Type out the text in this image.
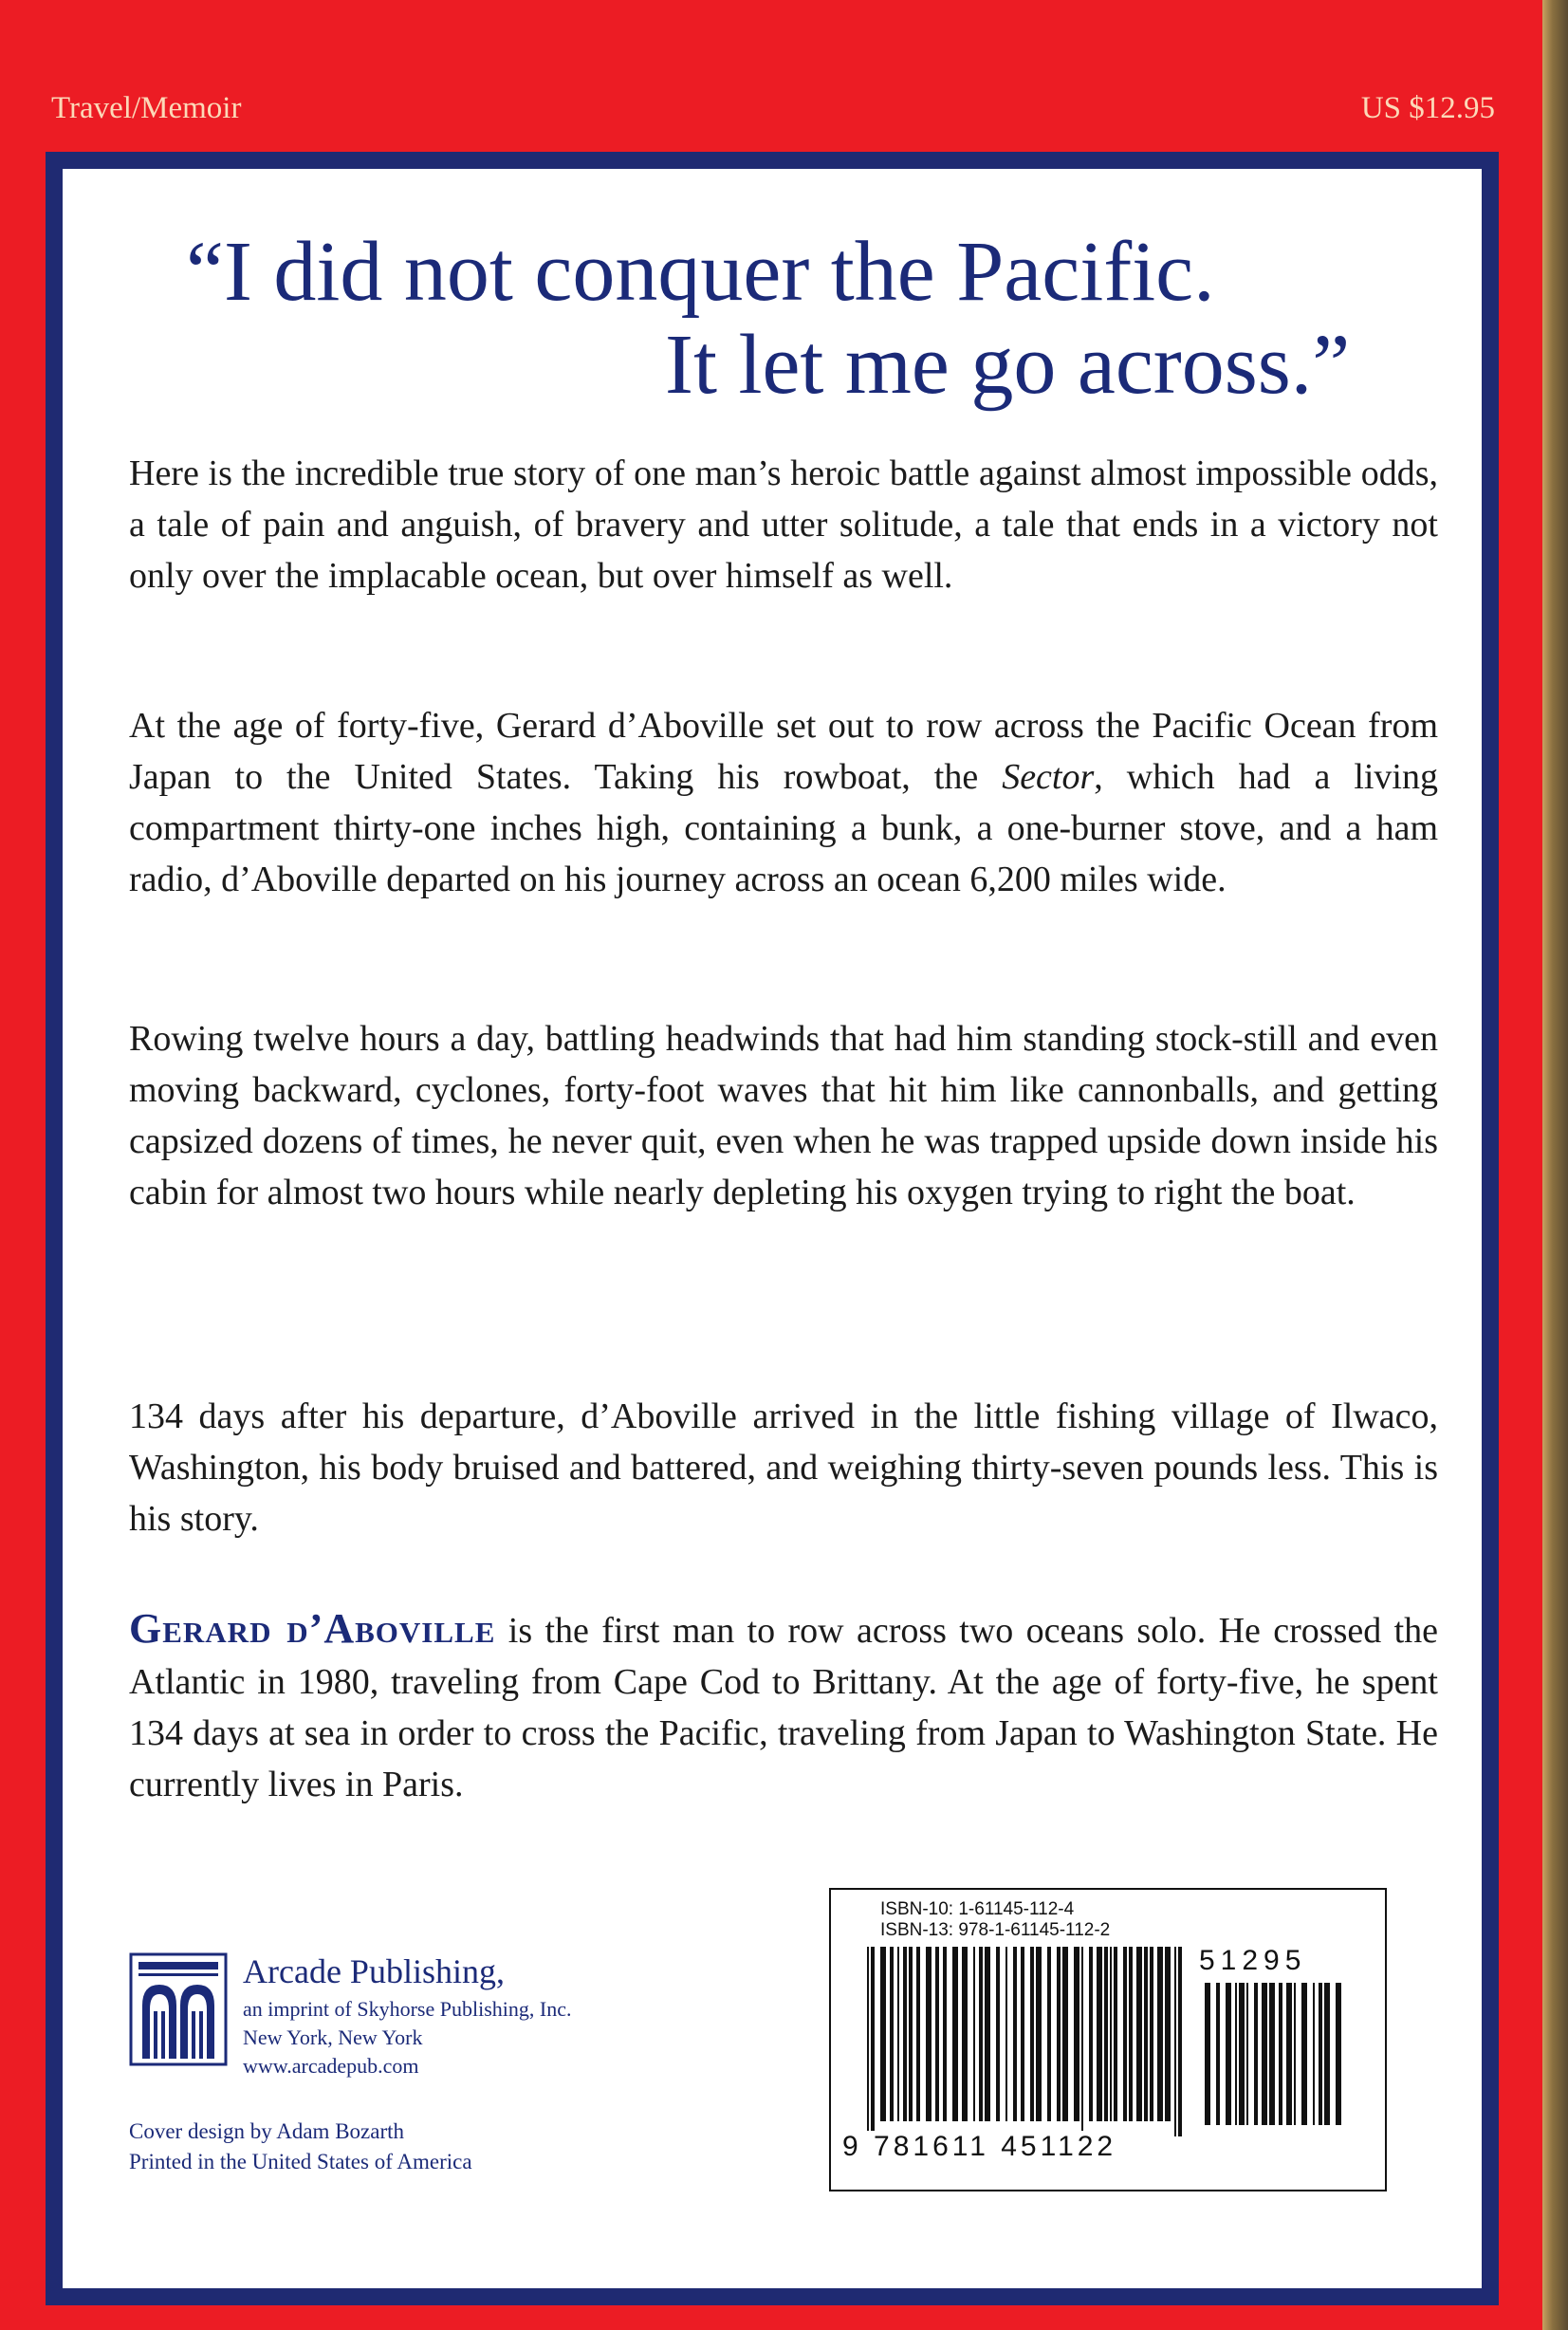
Travel/Memoir	US $12.95
“I did not conquer the Pacific.
It let me go across.”

Here is the incredible true story of one man’s heroic battle against almost impossible odds, a tale of pain and anguish, of bravery and utter solitude, a tale that ends in a victory not only over the implacable ocean, but over himself as well.

At the age of forty-five, Gerard d’Aboville set out to row across the Pacific Ocean from Japan to the United States. Taking his rowboat, the Sector, which had a living compartment thirty-one inches high, containing a bunk, a one-burner stove, and a ham radio, d’Aboville departed on his journey across an ocean 6,200 miles wide.

Rowing twelve hours a day, battling headwinds that had him standing stock-still and even moving backward, cyclones, forty-foot waves that hit him like cannonballs, and getting capsized dozens of times, he never quit, even when he was trapped upside down inside his cabin for almost two hours while nearly depleting his oxygen trying to right the boat.

134 days after his departure, d’Aboville arrived in the little fishing village of Ilwaco, Washington, his body bruised and battered, and weighing thirty-seven pounds less. This is his story.

Gerard d’Aboville is the first man to row across two oceans solo. He crossed the Atlantic in 1980, traveling from Cape Cod to Brittany. At the age of forty-five, he spent 134 days at sea in order to cross the Pacific, traveling from Japan to Washington State. He currently lives in Paris.

Arcade Publishing,
an imprint of Skyhorse Publishing, Inc.
New York, New York
www.arcadepub.com
Cover design by Adam Bozarth
Printed in the United States of America
ISBN-10: 1-61145-112-4
ISBN-13: 978-1-61145-112-2
51295
9 781611 451122
